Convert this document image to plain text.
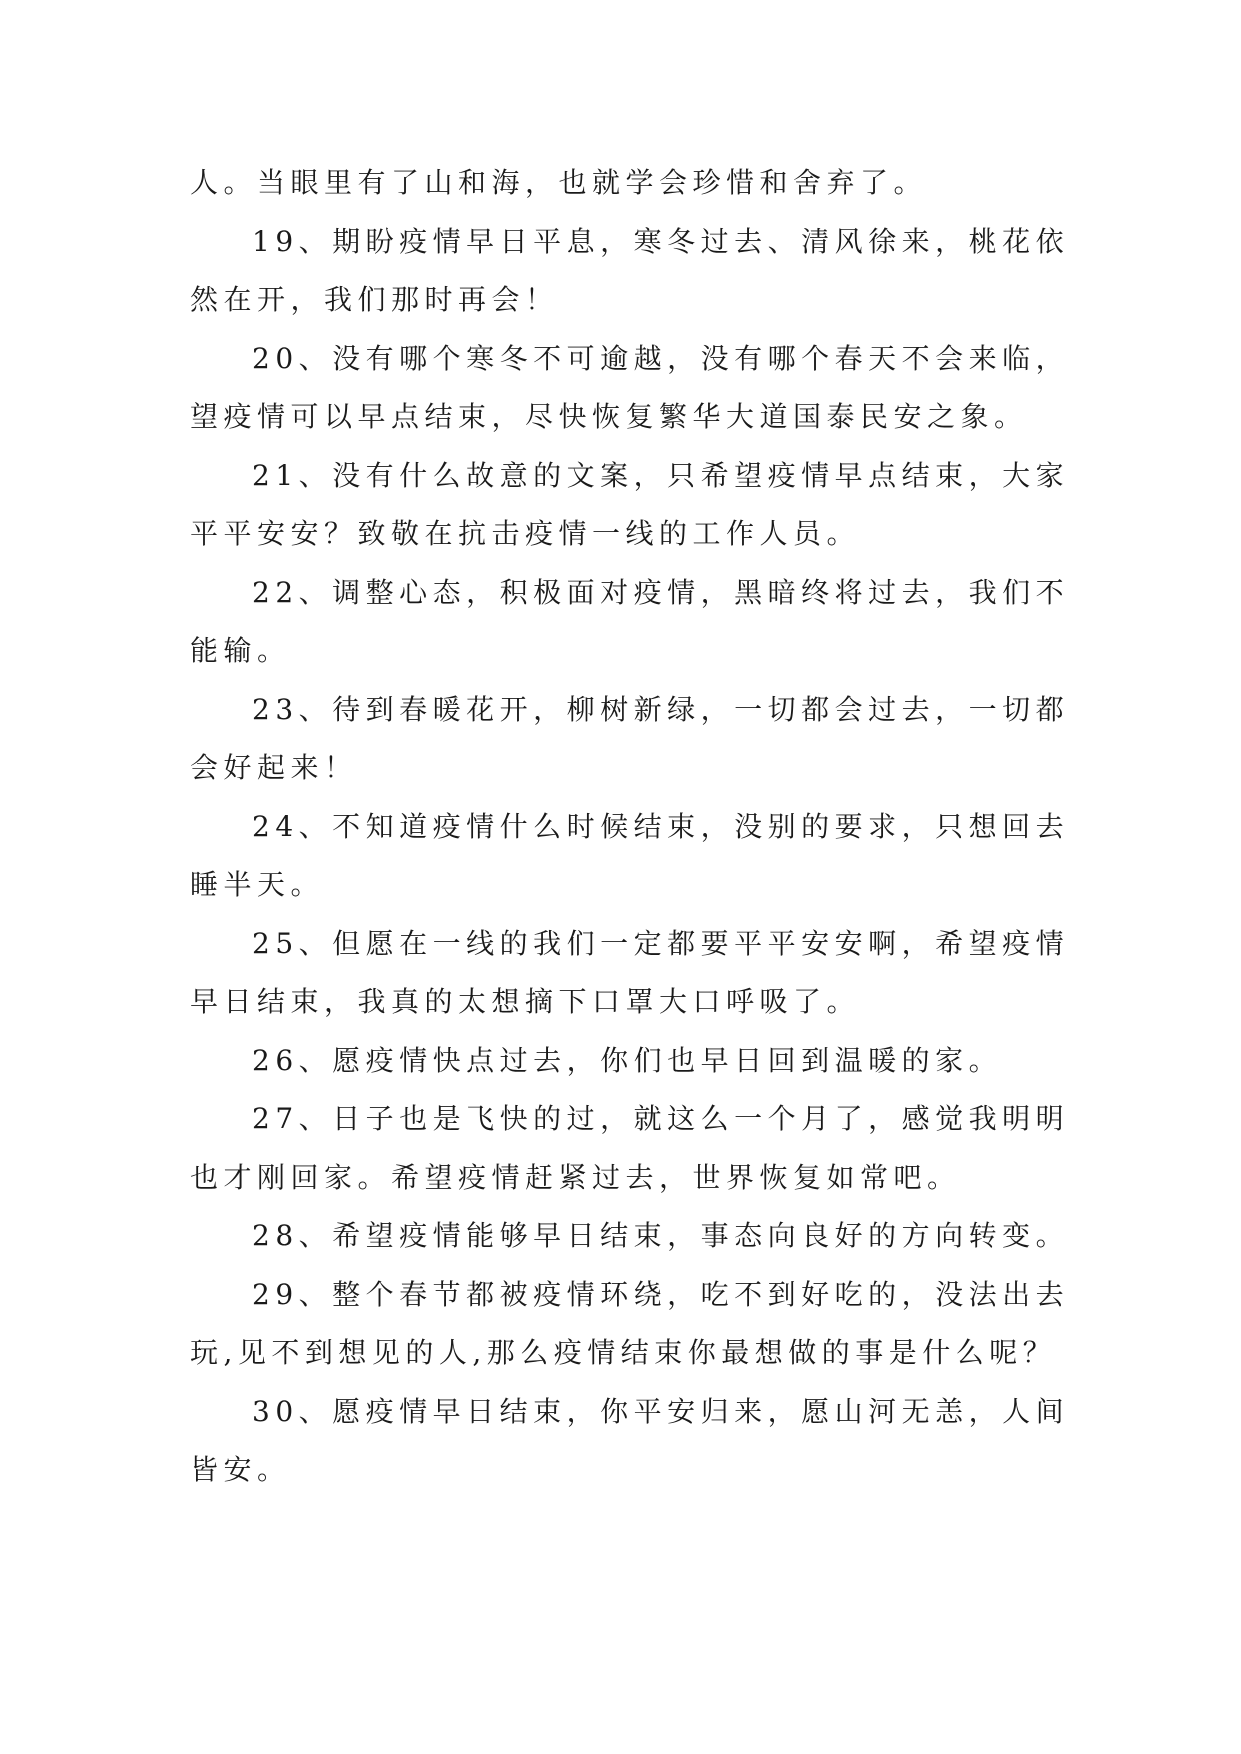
人。当眼里有了山和海，也就学会珍惜和舍弃了。
19、期盼疫情早日平息，寒冬过去、清风徐来，桃花依
然在开，我们那时再会！
20、没有哪个寒冬不可逾越，没有哪个春天不会来临，
望疫情可以早点结束，尽快恢复繁华大道国泰民安之象。
21、没有什么故意的文案，只希望疫情早点结束，大家
平平安安？致敬在抗击疫情一线的工作人员。
22、调整心态，积极面对疫情，黑暗终将过去，我们不
能输。
23、待到春暖花开，柳树新绿，一切都会过去，一切都
会好起来！
24、不知道疫情什么时候结束，没别的要求，只想回去
睡半天。
25、但愿在一线的我们一定都要平平安安啊，希望疫情
早日结束，我真的太想摘下口罩大口呼吸了。
26、愿疫情快点过去，你们也早日回到温暖的家。
27、日子也是飞快的过，就这么一个月了，感觉我明明
也才刚回家。希望疫情赶紧过去，世界恢复如常吧。
28、希望疫情能够早日结束，事态向良好的方向转变。
29、整个春节都被疫情环绕，吃不到好吃的，没法出去
玩,见不到想见的人,那么疫情结束你最想做的事是什么呢？
30、愿疫情早日结束，你平安归来，愿山河无恙，人间
皆安。
